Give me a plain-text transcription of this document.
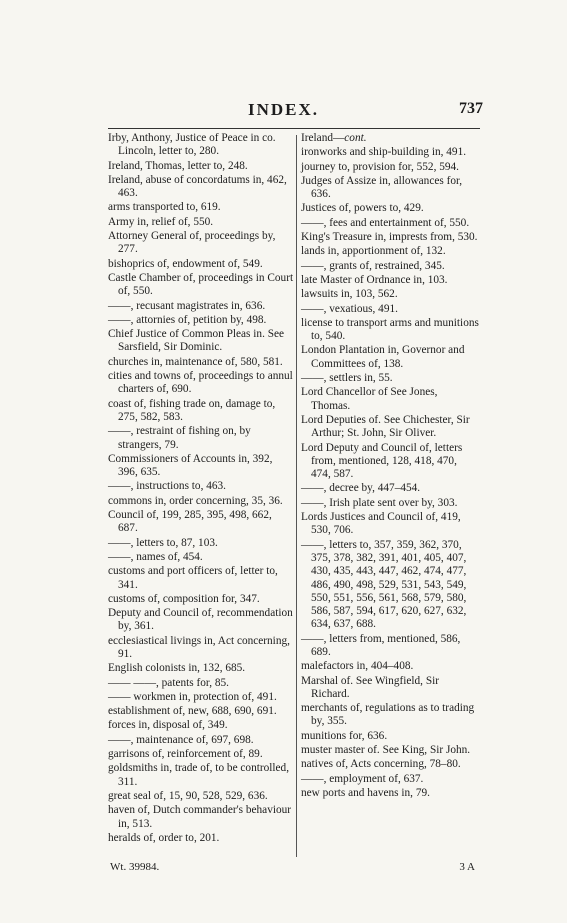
INDEX.	737

Irby, Anthony, Justice of Peace in co. Lincoln, letter to, 280.

Ireland, Thomas, letter to, 248.

Ireland, abuse of concordatums in, 462, 463.

arms transported to, 619.

Army in, relief of, 550.

Attorney General of, proceedings by, 277.

bishoprics of, endowment of, 549.

Castle Chamber of, proceedings in Court of, 550.

——, recusant magistrates in, 636.

——, attornies of, petition by, 498.

Chief Justice of Common Pleas in. See Sarsfield, Sir Dominic.

churches in, maintenance of, 580, 581.

cities and towns of, proceedings to annul charters of, 690.

coast of, fishing trade on, damage to, 275, 582, 583.

——, restraint of fishing on, by strangers, 79.

Commissioners of Accounts in, 392, 396, 635.

——, instructions to, 463.

commons in, order concerning, 35, 36.

Council of, 199, 285, 395, 498, 662, 687.

——, letters to, 87, 103.

——, names of, 454.

customs and port officers of, letter to, 341.

customs of, composition for, 347.

Deputy and Council of, recommendation by, 361.

ecclesiastical livings in, Act concerning, 91.

English colonists in, 132, 685.

—— ——, patents for, 85.

—— workmen in, protection of, 491.

establishment of, new, 688, 690, 691.

forces in, disposal of, 349.

——, maintenance of, 697, 698.

garrisons of, reinforcement of, 89.

goldsmiths in, trade of, to be controlled, 311.

great seal of, 15, 90, 528, 529, 636.

haven of, Dutch commander's behaviour in, 513.

heralds of, order to, 201.

Ireland—cont.

ironworks and ship-building in, 491.

journey to, provision for, 552, 594.

Judges of Assize in, allowances for, 636.

Justices of, powers to, 429.

——, fees and entertainment of, 550.

King's Treasure in, imprests from, 530.

lands in, apportionment of, 132.

——, grants of, restrained, 345.

late Master of Ordnance in, 103.

lawsuits in, 103, 562.

——, vexatious, 491.

license to transport arms and munitions to, 540.

London Plantation in, Governor and Committees of, 138.

——, settlers in, 55.

Lord Chancellor of See Jones, Thomas.

Lord Deputies of. See Chichester, Sir Arthur; St. John, Sir Oliver.

Lord Deputy and Council of, letters from, mentioned, 128, 418, 470, 474, 587.

——, decree by, 447–454.

——, Irish plate sent over by, 303.

Lords Justices and Council of, 419, 530, 706.

——, letters to, 357, 359, 362, 370, 375, 378, 382, 391, 401, 405, 407, 430, 435, 443, 447, 462, 474, 477, 486, 490, 498, 529, 531, 543, 549, 550, 551, 556, 561, 568, 579, 580, 586, 587, 594, 617, 620, 627, 632, 634, 637, 688.

——, letters from, mentioned, 586, 689.

malefactors in, 404–408.

Marshal of. See Wingfield, Sir Richard.

merchants of, regulations as to trading by, 355.

munitions for, 636.

muster master of. See King, Sir John.

natives of, Acts concerning, 78–80.

——, employment of, 637.

new ports and havens in, 79.

Wt. 39984.	3 A
